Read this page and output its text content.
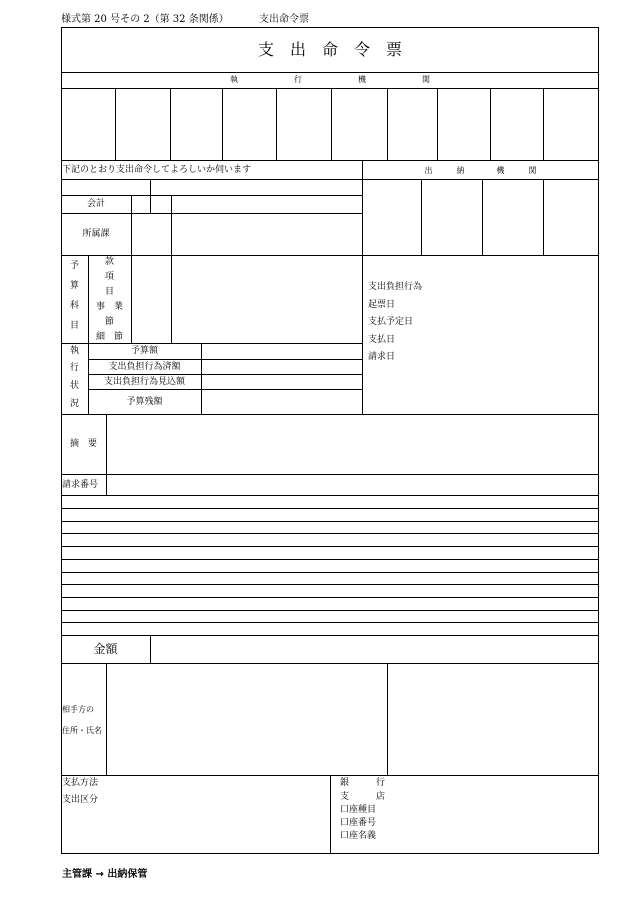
様式第 20 号その 2（第 32 条関係）	支出命令票
支　出　命　令　票
執　　　　　　　行　　　　　　　機　　　　　　　関
下記のとおり支出命令してよろしいか伺います	出　　　納　　　　機　　　関
会計
所属課
予
算
科
目
款
項
目
事　業
節
細　節
執
行
状
況
予算額
支出負担行為済額
支出負担行為見込額
予算残額
支出負担行為
起票日
支払予定日
支払日
請求日
摘　要
請求番号
金額
相手方の
住所・氏名
支払方法
支出区分
銀　　　行
支　　　店
口座種目
口座番号
口座名義
主管課 → 出納保管
